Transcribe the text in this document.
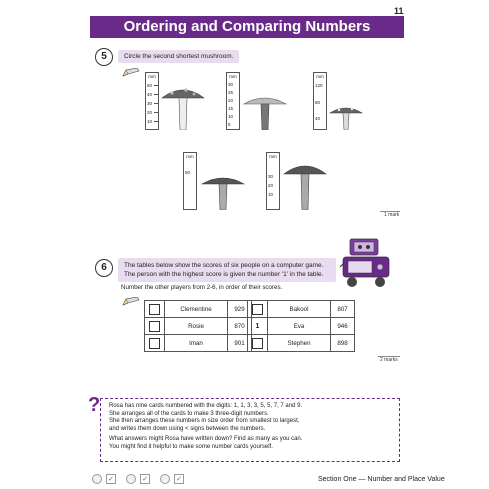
11
Ordering and Comparing Numbers
5	Circle the second shortest mushroom.
mm
50
40
30
20
10
mm
30
25
20
15
10
5
mm
120
80
40
mm
50
mm
30
20
10
1 mark
6	The tables below show the scores of six people on a computer game.
The person with the highest score is given the number '1' in the table.
Number the other players from 2-6, in order of their scores.
	Clementine	929
	Rosie	870
	Iman	901
	Bakool	807
1	Eva	946
	Stephen	898
2 marks
? Rosa has nine cards numbered with the digits: 1, 1, 3, 3, 5, 5, 7, 7 and 9.
She arranges all of the cards to make 3 three-digit numbers.
She then arranges these numbers in size order from smallest to largest,
and writes them down using < signs between the numbers.

What answers might Rosa have written down? Find as many as you can.
You might find it helpful to make some number cards yourself.

✓	✓	✓	Section One — Number and Place Value
